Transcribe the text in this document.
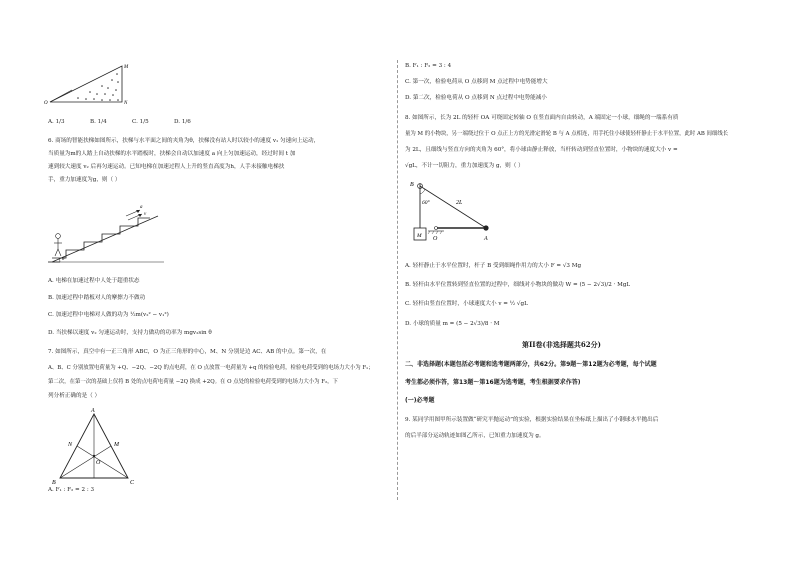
M
O	N
A. 1/3	B. 1/4	C. 1/5	D. 1/6
6. 商场的智能扶梯如图所示，扶梯与水平面之间的夹角为θ，扶梯没有站人时以较小的速度 v₁ 匀速向上运动，
当质量为m的人踏上自动扶梯的水平踏板时，扶梯会自动以加速度 a 向上匀加速运动，经过时间 t 加
速到较大速度 v₂ 后再匀速运动。已知电梯在加速过程人上升的竖直高度为h，人手未接触电梯扶
手，重力加速度为g，则（ ）
a
v
θ
A. 电梯在加速过程中人处于超重状态
B. 加速过程中踏板对人的摩擦力不做功
C. 加速过程中电梯对人做的功为 ½m(v₂² − v₁²)
D. 当扶梯以速度 v₂ 匀速运动时，支持力做功的功率为 mgv₂sin θ
7. 如图所示，真空中有一正三角形 ABC，O 为正三角形的中心，M、N 分别是边 AC、AB 的中点。第一次，在
A、B、C 分别放置电荷量为 +Q、−2Q、−2Q 的点电荷，在 O 点放置一电荷量为 +q 的检验电荷，检验电荷受到的电场力大小为 F₁；
第二次，在第一次的基础上仅将 B 处的点电荷电荷量 −2Q 换成 +2Q。在 O 点处的检验电荷受到的电场力大小为 F₂，下
列分析正确的是（ ）
A
B	C
M
N
O
A. F₁ : F₂ = 2 : 3
B. F₁ : F₂ = 3 : 4
C. 第一次，检验电荷从 O 点移到 M 点过程中电势能增大
D. 第二次，检验电荷从 O 点移到 N 点过程中电势能减小
8. 如图所示，长为 2L 的轻杆 OA 可绕固定转轴 O 在竖直面内自由转动，A 端固定一小球，细绳的一端系有质
量为 M 的小物块，另一端绕过位于 O 点正上方的光滑定滑轮 B 与 A 点相连，用手托住小球使轻杆静止于水平位置，此时 AB 间细线长
为 2L，且细线与竖直方向的夹角为 60°，将小球由静止释放，当杆转动到竖直位置时，小物块的速度大小 v =
√gL，不计一切阻力，重力加速度为 g，则（ ）
B
60°	2L
M O	A
A. 轻杆静止于水平位置时，杆子 B 受到细绳作用力的大小 F = √3 Mg
B. 轻杆由水平位置转到竖直位置的过程中，细线对小物块的做功 W = (5 − 2√3)/2 · MgL
C. 轻杆由竖直位置时，小球速度大小 v = ½ √gL
D. 小球的质量 m = (5 − 2√3)/8 · M
第II卷(非选择题共62分)
二、非选择题(本题包括必考题和选考题两部分，共62分。第9题～第12题为必考题，每个试题
考生都必须作答，第13题～第16题为选考题，考生根据要求作答)
(一)必考题
9. 某同学用图甲所示装置做“研究平抛运动”的实验，根据实验结果在坐标纸上描出了小钢球水平抛出后
的后半部分运动轨迹如图乙所示，已知重力加速度为 g。
